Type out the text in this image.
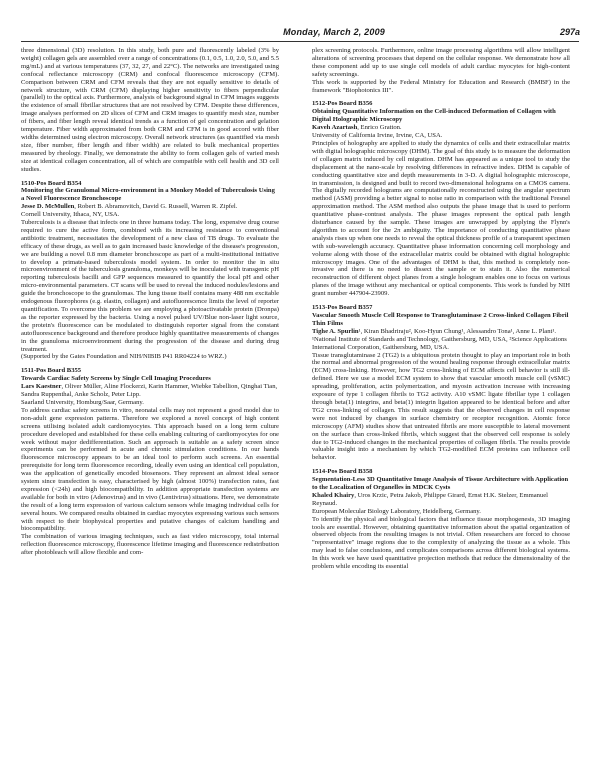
Monday, March 2, 2009	297a

three dimensional (3D) resolution. In this study, both pure and fluorescently labeled (3% by weight) collagen gels are assembled over a range of concentrations (0.1, 0.5, 1.0, 2.0, 5.0, and 5.5 mg/mL) and at various temperatures (37, 32, 27, and 22°C). The networks are investigated using confocal reflectance microscopy (CRM) and confocal fluorescence microscopy (CFM). Comparison between CRM and CFM reveals that they are not equally sensitive to details of network structure, with CRM (CFM) displaying higher sensitivity to fibers perpendicular (parallel) to the optical axis. Furthermore, analysis of background signal in CFM images suggests the existence of small fibrillar structures that are not resolved by CFM. Despite these differences, image analyses performed on 2D slices of CFM and CRM images to quantify mesh size, number of fibers, and fiber length reveal identical trends as a function of gel concentration and gelation temperature. Fiber width approximated from both CRM and CFM is in good accord with fiber widths determined using electron microscopy. Overall network structures (as quantified via mesh size, fiber number, fiber length and fiber width) are related to bulk mechanical properties measured by rheology. Finally, we demonstrate the ability to form collagen gels of varied mesh size at identical collagen concentration, all of which are compatible with cell health and 3D cell studies.

1510-Pos Board B354

Monitoring the Granulomal Micro-environment in a Monkey Model of Tuberculosis Using a Novel Fluorescence Bronchoscope

Jesse D. McMullen, Robert B. Abramovitch, David G. Russell, Warren R. Zipfel.

Cornell University, Ithaca, NY, USA.

Tuberculosis is a disease that infects one in three humans today. The long, expensive drug course required to cure the active form, combined with its increasing resistance to conventional antibiotic treatment, necessitates the development of a new class of TB drugs. To evaluate the efficacy of these drugs, as well as to gain increased basic knowledge of the disease's progression, we are building a novel 0.8 mm diameter bronchoscope as part of a multi-institutional initiative to develop a primate-based tuberculosis model system. In order to monitor the in situ microenvironment of the tuberculosis granuloma, monkeys will be inoculated with transgenic pH reporting tuberculosis bacilli and GFP sequences measured to quantify the local pH and other micro-environmental parameters. CT scans will be used to reveal the induced nodules/lesions and guide the bronchoscope to the granulomas. The lung tissue itself contains many 488 nm excitable endogenous fluorophores (e.g. elastin, collagen) and autofluorescence limits the level of reporter quantification. To overcome this problem we are employing a photoactivatable protein (Dronpa) as the reporter expressed by the bacteria. Using a novel pulsed UV/Blue non-laser light source, the protein's fluorescence can be modulated to distinguish reporter signal from the constant autofluorescence background and therefore produce highly quantitative measurements of changes in the granuloma microenvironment during the progression of the disease and during drug treatment.

(Supported by the Gates Foundation and NIH/NIBIB P41 RR04224 to WRZ.)

1511-Pos Board B355

Towards Cardiac Safety Screens by Single Cell Imaging Procedures

Lars Kaestner, Oliver Müller, Aline Flockerzi, Karin Hammer, Wiebke Tabellion, Qinghai Tian, Sandra Ruppenthal, Anke Scholz, Peter Lipp.

Saarland University, Homburg/Saar, Germany.

To address cardiac safety screens in vitro, neonatal cells may not represent a good model due to non-adult gene expression patterns. Therefore we explored a novel concept of high content screens utilising isolated adult cardiomyocytes. This approach based on a long term culture procedure developed and established for these cells enabling culturing of cardiomyocytes for one week without major dedifferentiation. Such an approach is suitable as a safety screen since experiments can be performed in acute and chronic stimulation conditions. In our hands fluorescence microscopy appears to be an ideal tool to perform such screens. An essential prerequisite for long term fluorescence recording, ideally even using an identical cell population, was the application of genetically encoded biosensors. They represent an almost ideal sensor system since transfection is easy, characterised by high (almost 100%) transfection rates, fast expression (<24h) and high biocompatibility. In addition appropriate transfection systems are available for both in vitro (Adenovirus) and in vivo (Lentivirus) situations. Here, we demonstrate the result of a long term expression of various calcium sensors while imaging individual cells for several hours. We compared results obtained in cardiac myocytes expressing various such sensors with respect to their biophysical properties and putative changes of calcium handling and biocompatibility.

The combination of various imaging techniques, such as fast video microscopy, total internal reflection fluorescence microscopy, fluorescence lifetime imaging and fluorescence redistribution after photobleach will allow flexible and com-

plex screening protocols. Furthermore, online image processing algorithms will allow intelligent alterations of screening processes that depend on the cellular response. We demonstrate how all these component add up to use single cell models of adult cardiac myocytes for high-content safety screenings.

This work is supported by the Federal Ministry for Education and Research (BMBF) in the framework "Biophotonics III".

1512-Pos Board B356

Obtaining Quantitative Information on the Cell-induced Deformation of Collagen with Digital Holographic Microscopy

Kaveh Azartash, Enrico Gratton.

University of California Irvine, Irvine, CA, USA.

Principles of holography are applied to study the dynamics of cells and their extracellular matrix with digital holographic microscopy (DHM). The goal of this study is to measure the deformation of collagen matrix induced by cell migration. DHM has appeared as a unique tool to study the displacement at the nano-scale by resolving differences in refractive index. DHM is capable of conducting quantitative size and depth measurements in 3-D. A digital holographic microscope, in transmission, is designed and built to record two-dimensional holograms on a CMOS camera. The digitally recorded holograms are computationally reconstructed using the angular spectrum method (ASM) providing a better signal to noise ratio in comparison with the traditional Fresnel approximation method. The ASM method also outputs the phase image that is used to perform quantitative phase-contrast analysis. The phase images represent the optical path length disturbance caused by the sample. These images are unwrapped by applying the Flynn's algorithm to account for the 2π ambiguity. The importance of conducting quantitative phase analysis rises up when one needs to reveal the optical thickness profile of a transparent specimen with sub-wavelength accuracy. Quantitative phase information concerning cell morphology and volume along with those of the extracellular matrix could be obtained with digital holographic microscopy images. One of the advantages of DHM is that, this method is completely non-invasive and there is no need to dissect the sample or to stain it. Also the numerical reconstruction of different object planes from a single hologram enables one to focus on various planes of the image without any mechanical or optical components. This work is funded by NIH grant number 447904-23909.

1513-Pos Board B357

Vascular Smooth Muscle Cell Response to Transglutaminase 2 Cross-linked Collagen Fibril Thin Films

Tighe A. Spurlin¹, Kiran Bhadriraju², Koo-Hyun Chung¹, Alessandro Tona¹, Anne L. Plant¹.

¹National Institute of Standards and Technology, Gaithersburg, MD, USA, ²Science Applications International Corporation, Gaithersburg, MD, USA.

Tissue transglutaminase 2 (TG2) is a ubiquitous protein thought to play an important role in both the normal and abnormal progression of the wound healing response through extracellular matrix (ECM) cross-linking. However, how TG2 cross-linking of ECM affects cell behavior is still ill-defined. Here we use a model ECM system to show that vascular smooth muscle cell (vSMC) spreading, proliferation, actin polymerization, and myosin activation increase with increasing exposure of type 1 collagen fibrils to TG2 activity. A10 vSMC ligate fibrillar type 1 collagen through beta(1) integrins, and beta(1) integrin ligation appeared to be identical before and after TG2 cross-linking of collagen. This result suggests that the observed changes in cell response were not induced by changes in surface chemistry or receptor recognition. Atomic force microscopy (AFM) studies show that untreated fibrils are more susceptible to lateral movement on the surface than cross-linked fibrils, which suggest that the observed cell response is solely due to TG2-induced changes in the mechanical properties of collagen fibrils. The results provide valuable insight into a mechanism by which TG2-modified ECM proteins can influence cell behavior.

1514-Pos Board B358

Segmentation-Less 3D Quantitative Image Analysis of Tissue Architecture with Application to the Localization of Organelles in MDCK Cysts

Khaled Khairy, Uros Krzic, Petra Jakob, Philippe Girard, Ernst H.K. Stelzer, Emmanuel Reynaud.

European Molecular Biology Laboratory, Heidelberg, Germany.

To identify the physical and biological factors that influence tissue morphogenesis, 3D imaging tools are essential. However, obtaining quantitative information about the spatial organization of observed objects from the resulting images is not trivial. Often researchers are forced to choose "representative" image regions due to the complexity of analyzing the tissue as a whole. This may lead to false conclusions, and complicates comparisons across different biological systems. In this work we have used quantitative projection methods that reduce the dimensionality of the problem while encoding its essential
